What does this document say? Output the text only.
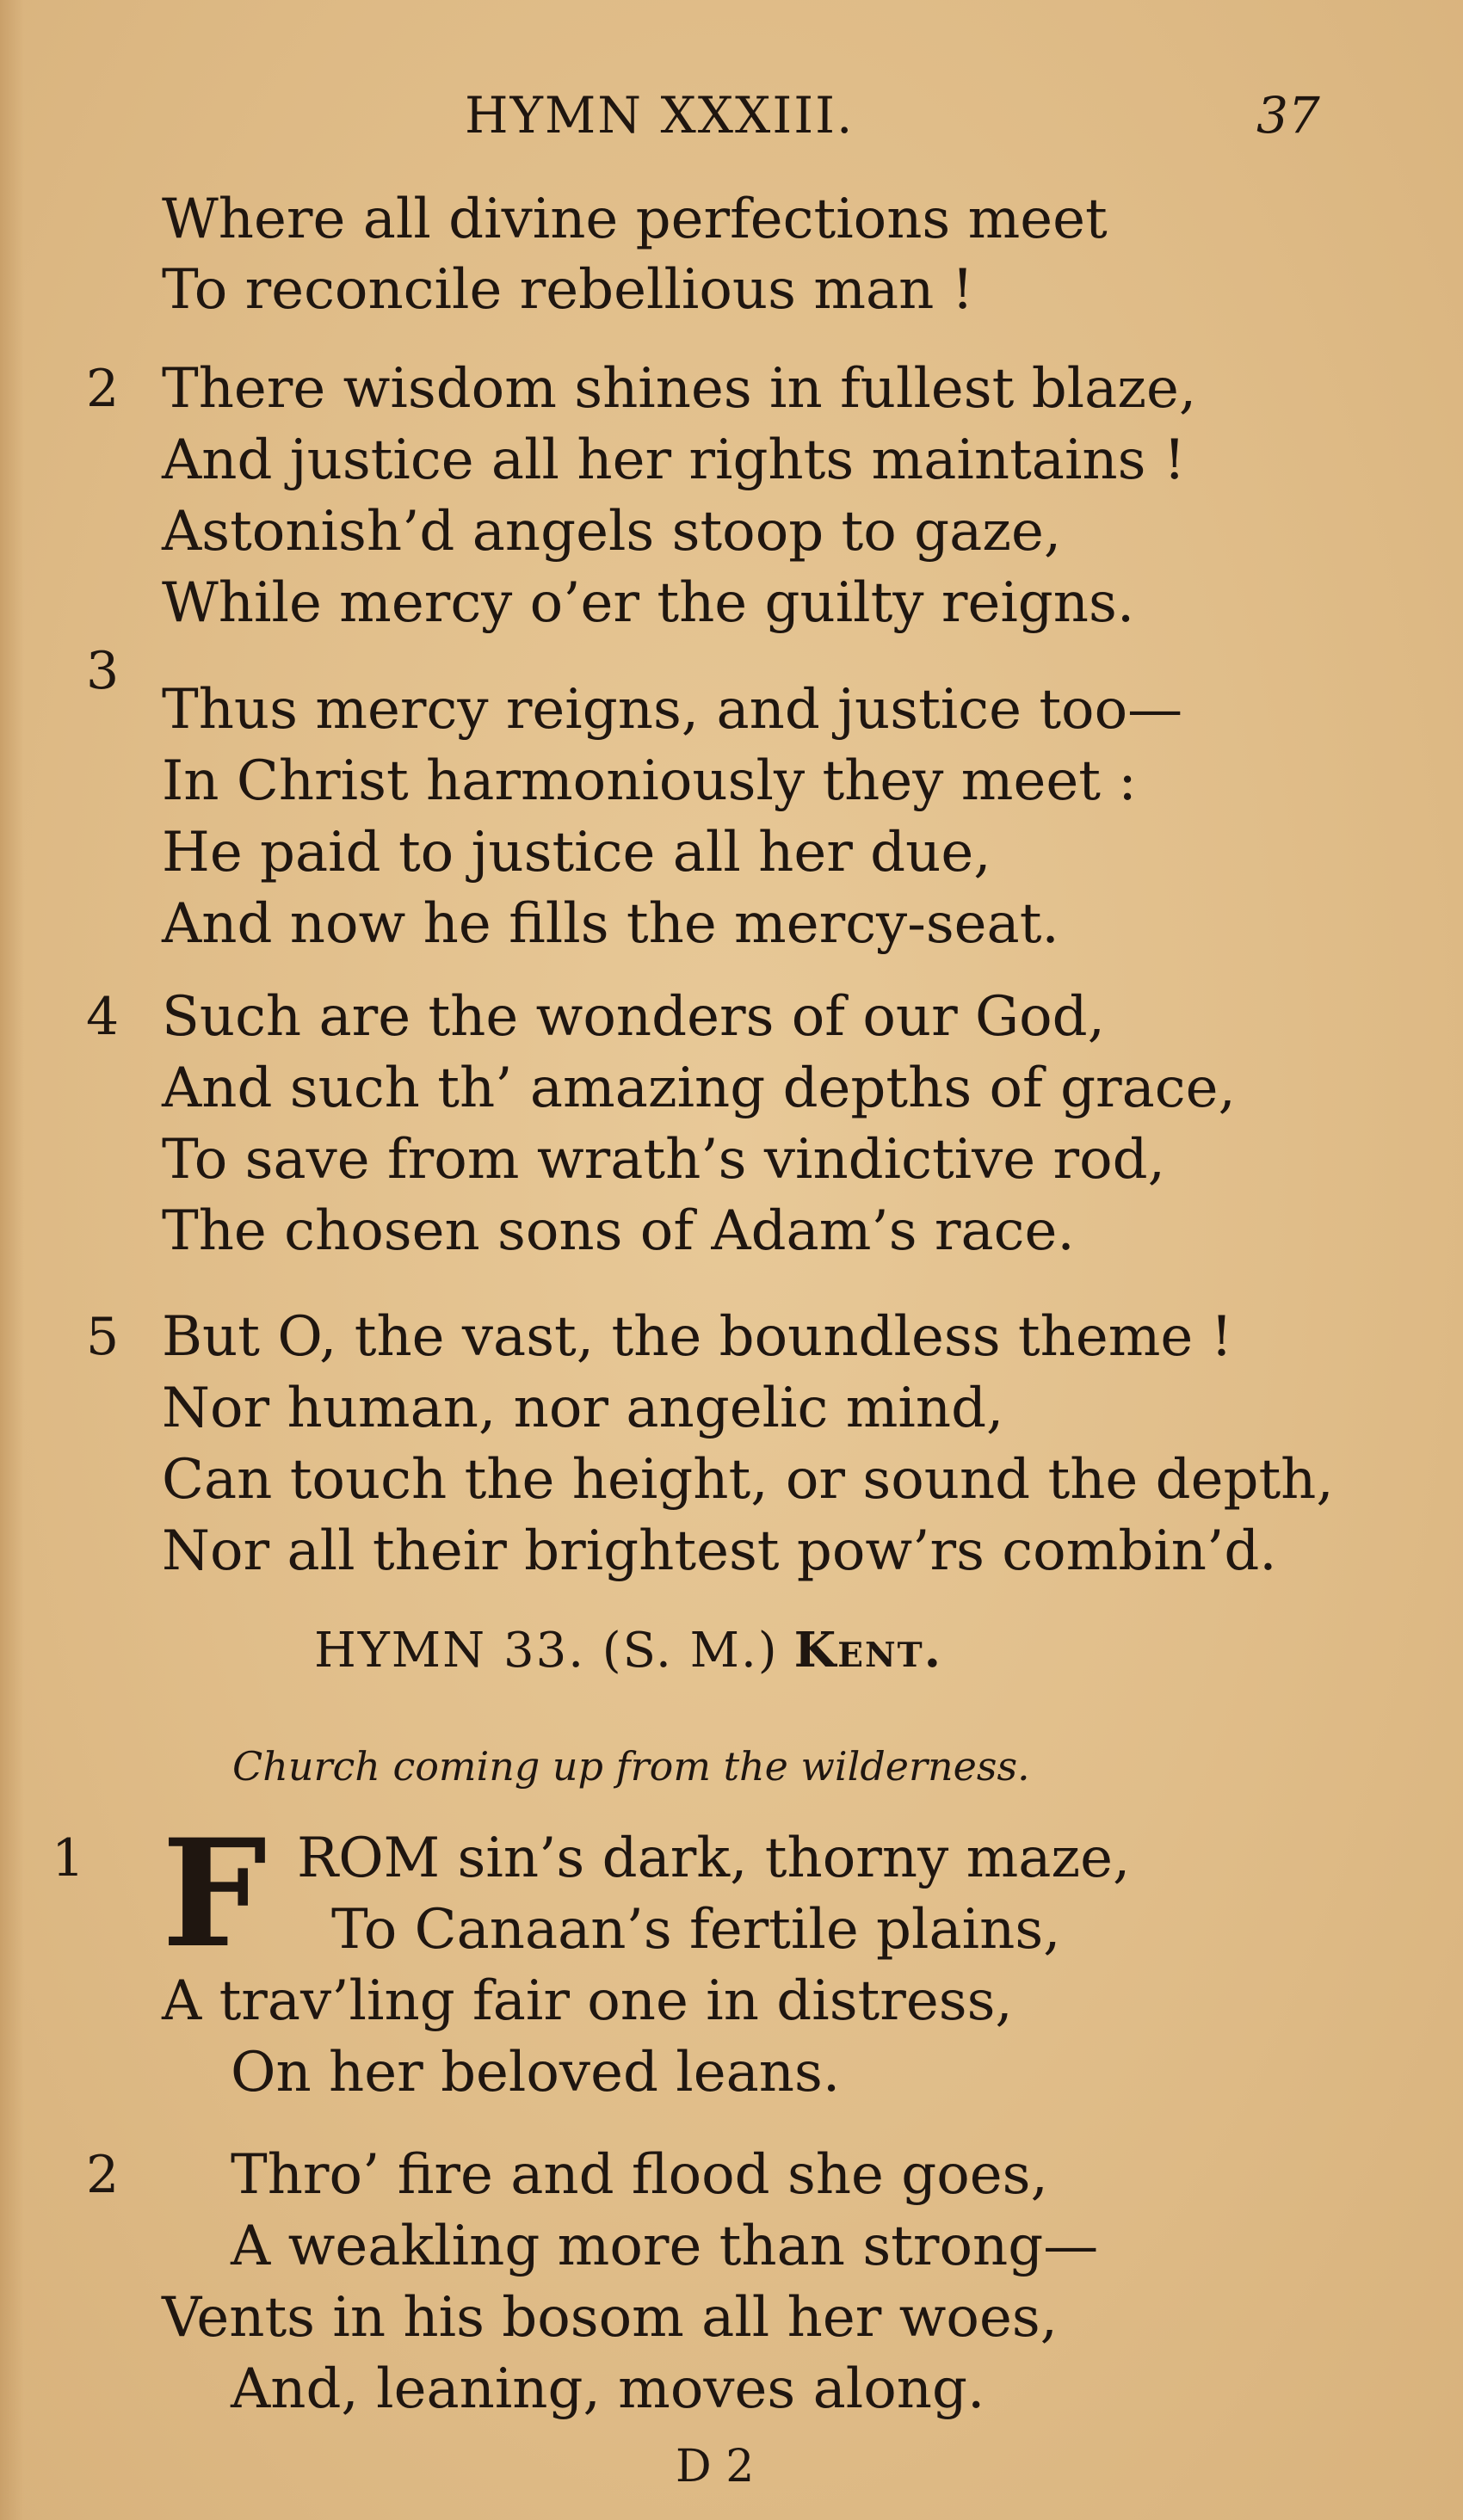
HYMN XXXIII.	37
Where all divine perfections meet
To reconcile rebellious man !
2 There wisdom shines in fullest blaze,
And justice all her rights maintains !
Astonish’d angels stoop to gaze,
While mercy o’er the guilty reigns.
3
Thus mercy reigns, and justice too—
In Christ harmoniously they meet :
He paid to justice all her due,
And now he fills the mercy-seat.
4 Such are the wonders of our God,
And such th’ amazing depths of grace,
To save from wrath’s vindictive rod,
The chosen sons of Adam’s race.
5 But O, the vast, the boundless theme !
Nor human, nor angelic mind,
Can touch the height, or sound the depth,
Nor all their brightest pow’rs combin’d.
HYMN 33. (S. M.) Kent.
Church coming up from the wilderness.
1 F ROM sin’s dark, thorny maze,
To Canaan’s fertile plains,
A trav’ling fair one in distress,
On her beloved leans.
2 Thro’ fire and flood she goes,
A weakling more than strong—
Vents in his bosom all her woes,
And, leaning, moves along.
D 2
